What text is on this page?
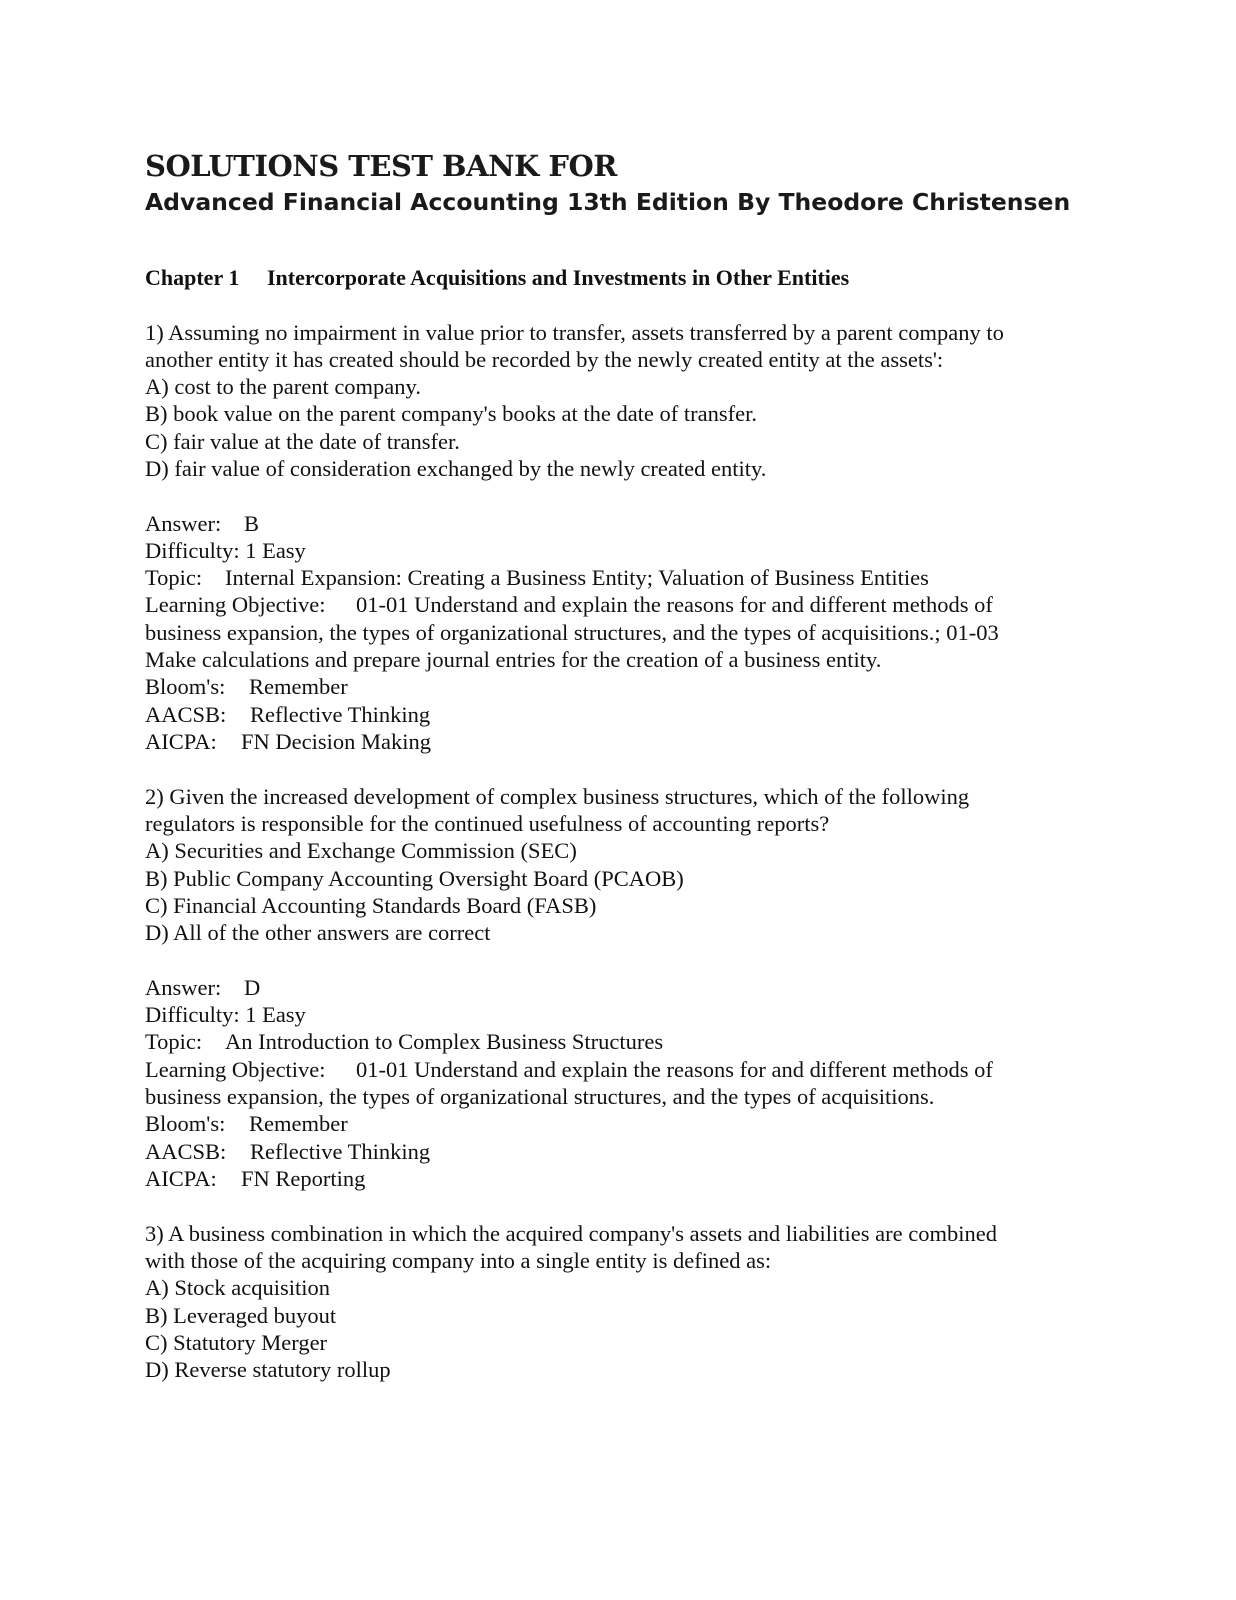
SOLUTIONS TEST BANK FOR
Advanced Financial Accounting 13th Edition By Theodore Christensen
Chapter 1 Intercorporate Acquisitions and Investments in Other Entities
1) Assuming no impairment in value prior to transfer, assets transferred by a parent company to
another entity it has created should be recorded by the newly created entity at the assets':
A) cost to the parent company.
B) book value on the parent company's books at the date of transfer.
C) fair value at the date of transfer.
D) fair value of consideration exchanged by the newly created entity.
Answer: B
Difficulty: 1 Easy
Topic: Internal Expansion: Creating a Business Entity; Valuation of Business Entities
Learning Objective: 01-01 Understand and explain the reasons for and different methods of
business expansion, the types of organizational structures, and the types of acquisitions.; 01-03
Make calculations and prepare journal entries for the creation of a business entity.
Bloom's: Remember
AACSB: Reflective Thinking
AICPA: FN Decision Making
2) Given the increased development of complex business structures, which of the following
regulators is responsible for the continued usefulness of accounting reports?
A) Securities and Exchange Commission (SEC)
B) Public Company Accounting Oversight Board (PCAOB)
C) Financial Accounting Standards Board (FASB)
D) All of the other answers are correct
Answer: D
Difficulty: 1 Easy
Topic: An Introduction to Complex Business Structures
Learning Objective: 01-01 Understand and explain the reasons for and different methods of
business expansion, the types of organizational structures, and the types of acquisitions.
Bloom's: Remember
AACSB: Reflective Thinking
AICPA: FN Reporting
3) A business combination in which the acquired company's assets and liabilities are combined
with those of the acquiring company into a single entity is defined as:
A) Stock acquisition
B) Leveraged buyout
C) Statutory Merger
D) Reverse statutory rollup
